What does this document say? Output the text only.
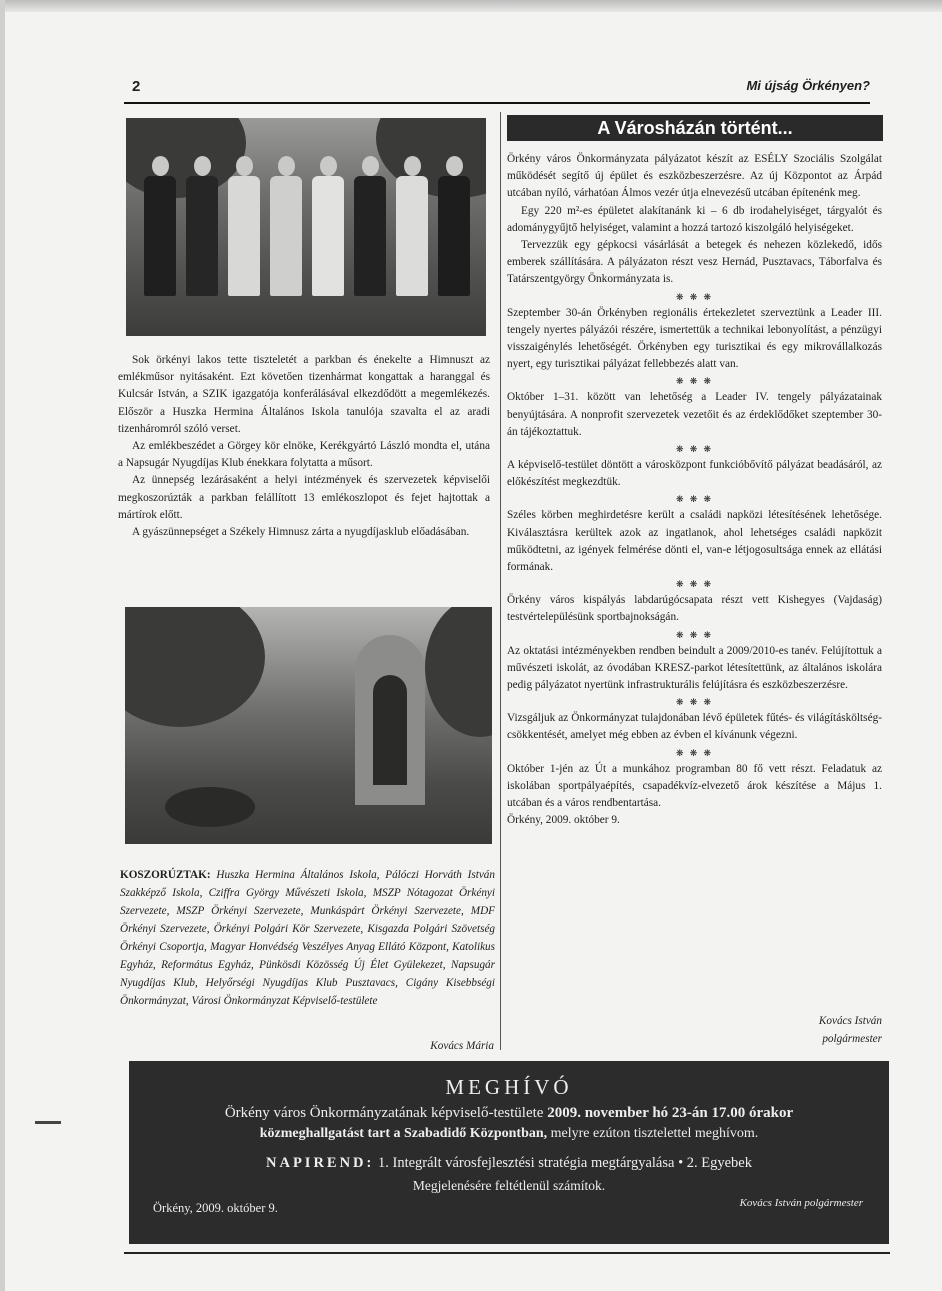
2	Mi újság Örkényen?

Sok örkényi lakos tette tiszteletét a parkban és énekelte a Himnuszt az emlékműsor nyitásaként. Ezt követően tizenhármat kongattak a haranggal és Kulcsár István, a SZIK igazgatója konferálásával elkezdődött a megemlékezés. Először a Huszka Hermina Általános Iskola tanulója szavalta el az aradi tizenháromról szóló verset.

Az emlékbeszédet a Görgey kör elnöke, Kerékgyártó László mondta el, utána a Napsugár Nyugdíjas Klub énekkara folytatta a műsort.

Az ünnepség lezárásaként a helyi intézmények és szervezetek képviselői megkoszorúzták a parkban felállított 13 emlékoszlopot és fejet hajtottak a mártírok előtt.

A gyászünnepséget a Székely Himnusz zárta a nyugdíjasklub előadásában.

KOSZORÚZTAK: Huszka Hermina Általános Iskola, Pálóczi Horváth István Szakképző Iskola, Cziffra György Művészeti Iskola, MSZP Nótagozat Örkényi Szervezete, MSZP Örkényi Szervezete, Munkáspárt Örkényi Szervezete, MDF Örkényi Szervezete, Örkényi Polgári Kör Szervezete, Kisgazda Polgári Szövetség Örkényi Csoportja, Magyar Honvédség Veszélyes Anyag Ellátó Központ, Katolikus Egyház, Református Egyház, Pünkösdi Közösség Új Élet Gyülekezet, Napsugár Nyugdíjas Klub, Helyőrségi Nyugdíjas Klub Pusztavacs, Cigány Kisebbségi Önkormányzat, Városi Önkormányzat Képviselő-testülete
Kovács Mária
A Városházán történt...

Örkény város Önkormányzata pályázatot készít az ESÉLY Szociális Szolgálat működését segítő új épület és eszközbeszerzésre. Az új Központot az Árpád utcában nyíló, várhatóan Álmos vezér útja elnevezésű utcában építenénk meg.

Egy 220 m²-es épületet alakítanánk ki – 6 db irodahelyiséget, tárgyalót és adománygyűjtő helyiséget, valamint a hozzá tartozó kiszolgáló helyiségeket.

Tervezzük egy gépkocsi vásárlását a betegek és nehezen közlekedő, idős emberek szállítására. A pályázaton részt vesz Hernád, Pusztavacs, Táborfalva és Tatárszentgyörgy Önkormányzata is.

❋ ❋ ❋

Szeptember 30-án Örkényben regionális értekezletet szerveztünk a Leader III. tengely nyertes pályázói részére, ismertettük a technikai lebonyolítást, a pénzügyi visszaigénylés lehetőségét. Örkényben egy turisztikai és egy mikrovállalkozás nyert, egy turisztikai pályázat fellebbezés alatt van.

❋ ❋ ❋

Október 1–31. között van lehetőség a Leader IV. tengely pályázatainak benyújtására. A nonprofit szervezetek vezetőit és az érdeklődőket szeptember 30-án tájékoztattuk.

❋ ❋ ❋

A képviselő-testület döntött a városközpont funkcióbővítő pályázat beadásáról, az előkészítést megkezdtük.

❋ ❋ ❋

Széles körben meghirdetésre került a családi napközi létesítésének lehetősége. Kiválasztásra kerültek azok az ingatlanok, ahol lehetséges családi napközit működtetni, az igények felmérése dönti el, van-e létjogosultsága ennek az ellátási formának.

❋ ❋ ❋

Örkény város kispályás labdarúgócsapata részt vett Kishegyes (Vajdaság) testvértelepülésünk sportbajnokságán.

❋ ❋ ❋

Az oktatási intézményekben rendben beindult a 2009/2010-es tanév. Felújítottuk a művészeti iskolát, az óvodában KRESZ-parkot létesítettünk, az általános iskolára pedig pályázatot nyertünk infrastrukturális felújításra és eszközbeszerzésre.

❋ ❋ ❋

Vizsgáljuk az Önkormányzat tulajdonában lévő épületek fűtés- és világításköltség-csökkentését, amelyet még ebben az évben el kívánunk végezni.

❋ ❋ ❋

Október 1-jén az Út a munkához programban 80 fő vett részt. Feladatuk az iskolában sportpályaépítés, csapadékvíz-elvezető árok készítése a Május 1. utcában és a város rendbentartása.

Örkény, 2009. október 9.

Kovács István
polgármester
MEGHÍVÓ
Örkény város Önkormányzatának képviselő-testülete 2009. november hó 23-án 17.00 órakor
közmeghallgatást tart a Szabadidő Központban, melyre ezúton tisztelettel meghívom.
NAPIREND: 1. Integrált városfejlesztési stratégia megtárgyalása • 2. Egyebek
Megjelenésére feltétlenül számítok.
Örkény, 2009. október 9.	Kovács István polgármester
